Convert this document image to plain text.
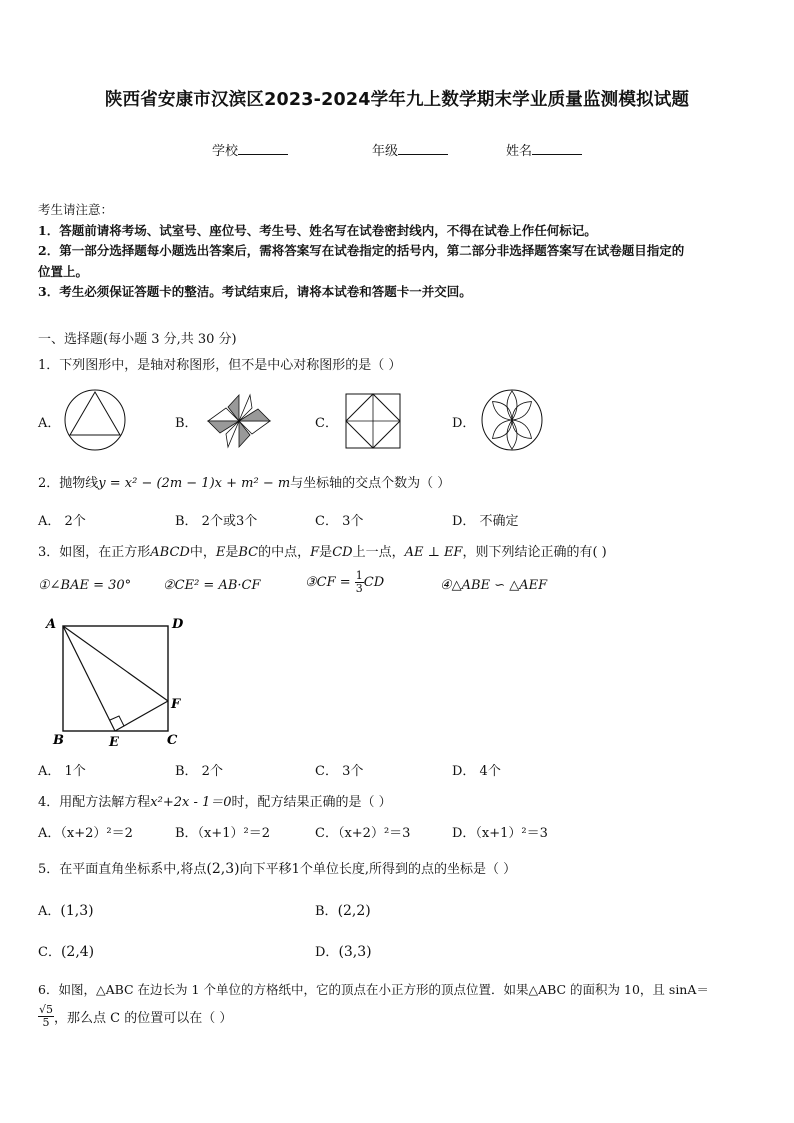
陕西省安康市汉滨区2023-2024学年九上数学期末学业质量监测模拟试题
学校	年级	姓名
考生请注意：
1．答题前请将考场、试室号、座位号、考生号、姓名写在试卷密封线内，不得在试卷上作任何标记。
2．第一部分选择题每小题选出答案后，需将答案写在试卷指定的括号内，第二部分非选择题答案写在试卷题目指定的
位置上。
3．考生必须保证答题卡的整洁。考试结束后，请将本试卷和答题卡一并交回。
一、选择题(每小题 3 分,共 30 分)
1．下列图形中，是轴对称图形，但不是中心对称图形的是（ ）
A．	B．	C．	D．
2．抛物线y = x² − (2m − 1)x + m² − m与坐标轴的交点个数为（ ）
A． 2个	B． 2个或3个	C． 3个	D． 不确定
3．如图，在正方形ABCD中，E是BC的中点，F是CD上一点，AE ⊥ EF，则下列结论正确的有( )
①∠BAE = 30° ②CE² = AB·CF	③CF = $\frac{1}{3}$ CD	④△ABE ∽ △AEF
A	D
F
B	E	C
A． 1个	B． 2个	C． 3个	D． 4个
4．用配方法解方程x²+2x - 1＝0时，配方结果正确的是（ ）
A．（x+2）²＝2	B．（x+1）²＝2	C．（x+2）²＝3	D．（x+1）²＝3
5．在平面直角坐标系中,将点(2,3)向下平移1个单位长度,所得到的点的坐标是（ ）
A．(1,3)	B．(2,2)
C．(2,4)	D．(3,3)
6．如图，△ABC 在边长为 1 个单位的方格纸中，它的顶点在小正方形的顶点位置．如果△ABC 的面积为 10，且 sinA＝
$\frac{√5}{5}$ ，那么点 C 的位置可以在（ ）
